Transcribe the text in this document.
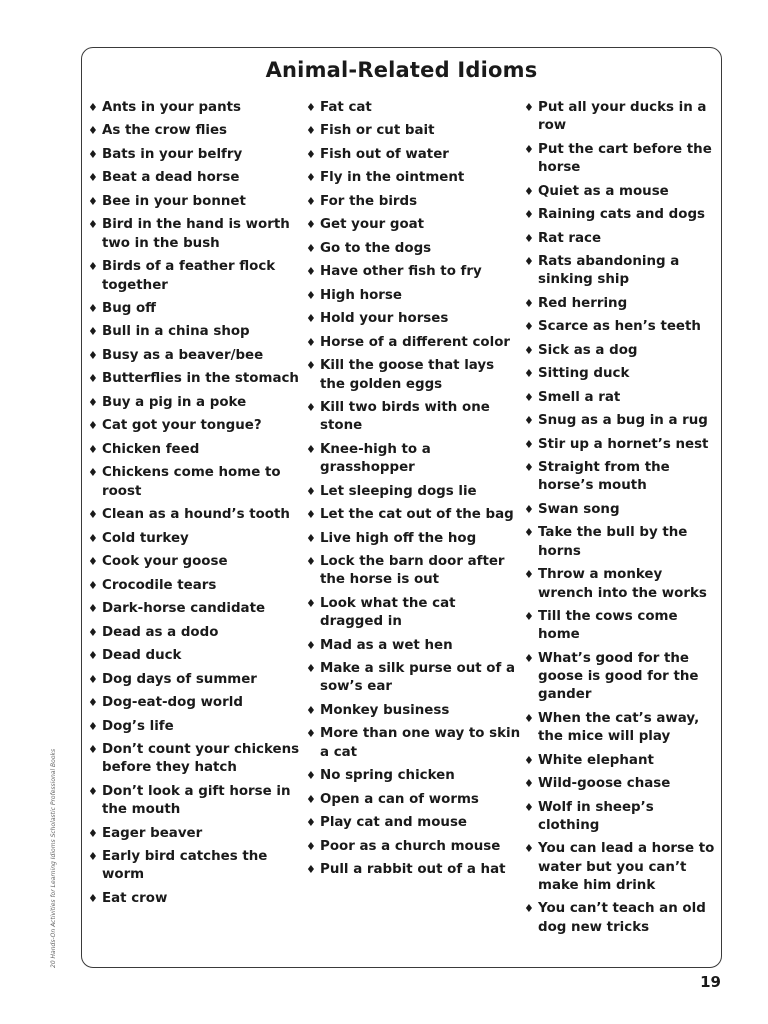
Animal-Related Idioms
♦ Ants in your pants
♦ As the crow flies
♦ Bats in your belfry
♦ Beat a dead horse
♦ Bee in your bonnet
♦ Bird in the hand is worth two in the bush
♦ Birds of a feather flock together
♦ Bug off
♦ Bull in a china shop
♦ Busy as a beaver/bee
♦ Butterflies in the stomach
♦ Buy a pig in a poke
♦ Cat got your tongue?
♦ Chicken feed
♦ Chickens come home to roost
♦ Clean as a hound’s tooth
♦ Cold turkey
♦ Cook your goose
♦ Crocodile tears
♦ Dark-horse candidate
♦ Dead as a dodo
♦ Dead duck
♦ Dog days of summer
♦ Dog-eat-dog world
♦ Dog’s life
♦ Don’t count your chickens before they hatch
♦ Don’t look a gift horse in the mouth
♦ Eager beaver
♦ Early bird catches the worm
♦ Eat crow
♦ Fat cat
♦ Fish or cut bait
♦ Fish out of water
♦ Fly in the ointment
♦ For the birds
♦ Get your goat
♦ Go to the dogs
♦ Have other fish to fry
♦ High horse
♦ Hold your horses
♦ Horse of a different color
♦ Kill the goose that lays the golden eggs
♦ Kill two birds with one stone
♦ Knee-high to a grasshopper
♦ Let sleeping dogs lie
♦ Let the cat out of the bag
♦ Live high off the hog
♦ Lock the barn door after the horse is out
♦ Look what the cat dragged in
♦ Mad as a wet hen
♦ Make a silk purse out of a sow’s ear
♦ Monkey business
♦ More than one way to skin a cat
♦ No spring chicken
♦ Open a can of worms
♦ Play cat and mouse
♦ Poor as a church mouse
♦ Pull a rabbit out of a hat
♦ Put all your ducks in a row
♦ Put the cart before the horse
♦ Quiet as a mouse
♦ Raining cats and dogs
♦ Rat race
♦ Rats abandoning a sinking ship
♦ Red herring
♦ Scarce as hen’s teeth
♦ Sick as a dog
♦ Sitting duck
♦ Smell a rat
♦ Snug as a bug in a rug
♦ Stir up a hornet’s nest
♦ Straight from the horse’s mouth
♦ Swan song
♦ Take the bull by the horns
♦ Throw a monkey wrench into the works
♦ Till the cows come home
♦ What’s good for the goose is good for the gander
♦ When the cat’s away, the mice will play
♦ White elephant
♦ Wild-goose chase
♦ Wolf in sheep’s clothing
♦ You can lead a horse to water but you can’t make him drink
♦ You can’t teach an old dog new tricks
20 Hands-On Activities for Learning Idioms Scholastic Professional Books
19
